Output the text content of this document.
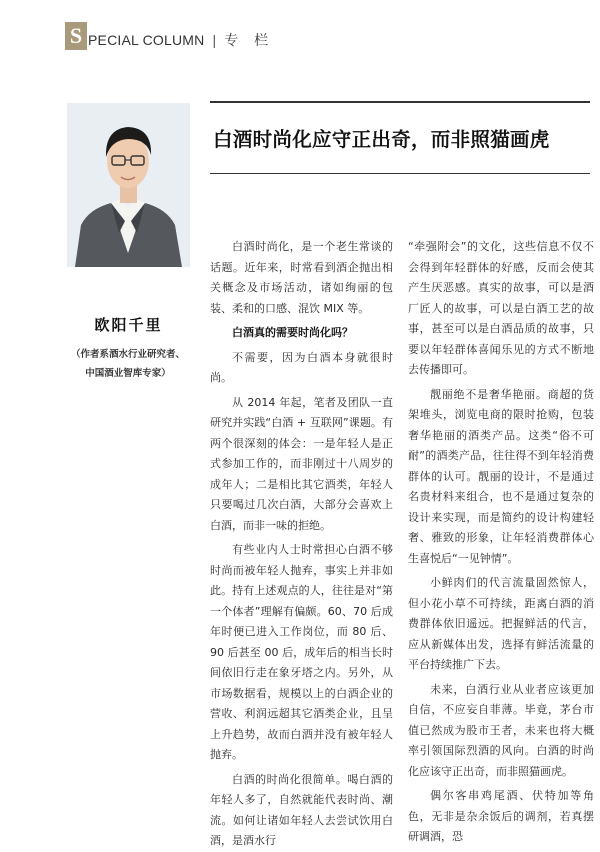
S PECIAL COLUMN | 专 栏
欧阳千里
（作者系酒水行业研究者、
中国酒业智库专家）
白酒时尚化应守正出奇，而非照猫画虎

白酒时尚化，是一个老生常谈的话题。近年来，时常看到酒企抛出相关概念及市场活动，诸如绚丽的包装、柔和的口感、混饮 MIX 等。

白酒真的需要时尚化吗？

不需要，因为白酒本身就很时尚。

从 2014 年起，笔者及团队一直研究并实践“白酒 + 互联网”课题。有两个很深刻的体会：一是年轻人是正式参加工作的，而非刚过十八周岁的成年人；二是相比其它酒类，年轻人只要喝过几次白酒，大部分会喜欢上白酒，而非一味的拒绝。

有些业内人士时常担心白酒不够时尚而被年轻人抛弃，事实上并非如此。持有上述观点的人，往往是对“第一个体者”理解有偏颇。60、70 后成年时便已进入工作岗位，而 80 后、90 后甚至 00 后，成年后的相当长时间依旧行走在象牙塔之内。另外，从市场数据看，规模以上的白酒企业的营收、利润远超其它酒类企业，且呈上升趋势，故而白酒并没有被年轻人抛弃。

白酒的时尚化很简单。喝白酒的年轻人多了，自然就能代表时尚、潮流。如何让诸如年轻人去尝试饮用白酒，是酒水行

“牵强附会”的文化，这些信息不仅不会得到年轻群体的好感，反而会使其产生厌恶感。真实的故事，可以是酒厂匠人的故事，可以是白酒工艺的故事，甚至可以是白酒品质的故事，只要以年轻群体喜闻乐见的方式不断地去传播即可。

靓丽绝不是奢华艳丽。商超的货架堆头，浏览电商的限时抢购，包装奢华艳丽的酒类产品。这类“俗不可耐”的酒类产品，往往得不到年轻消费群体的认可。靓丽的设计，不是通过名贵材料来组合，也不是通过复杂的设计来实现，而是简约的设计构建轻奢、雅致的形象，让年轻消费群体心生喜悦后“一见钟情”。

小鲜肉们的代言流量固然惊人，但小花小草不可持续，距离白酒的消费群体依旧遥远。把握鲜活的代言，应从新媒体出发，选择有鲜活流量的平台持续推广下去。

未来，白酒行业从业者应该更加自信，不应妄自菲薄。毕竟，茅台市值已然成为股市王者，未来也将大概率引领国际烈酒的风向。白酒的时尚化应该守正出奇，而非照猫画虎。

偶尔客串鸡尾酒、伏特加等角色，无非是杂余饭后的调剂，若真摆研调酒，恐
